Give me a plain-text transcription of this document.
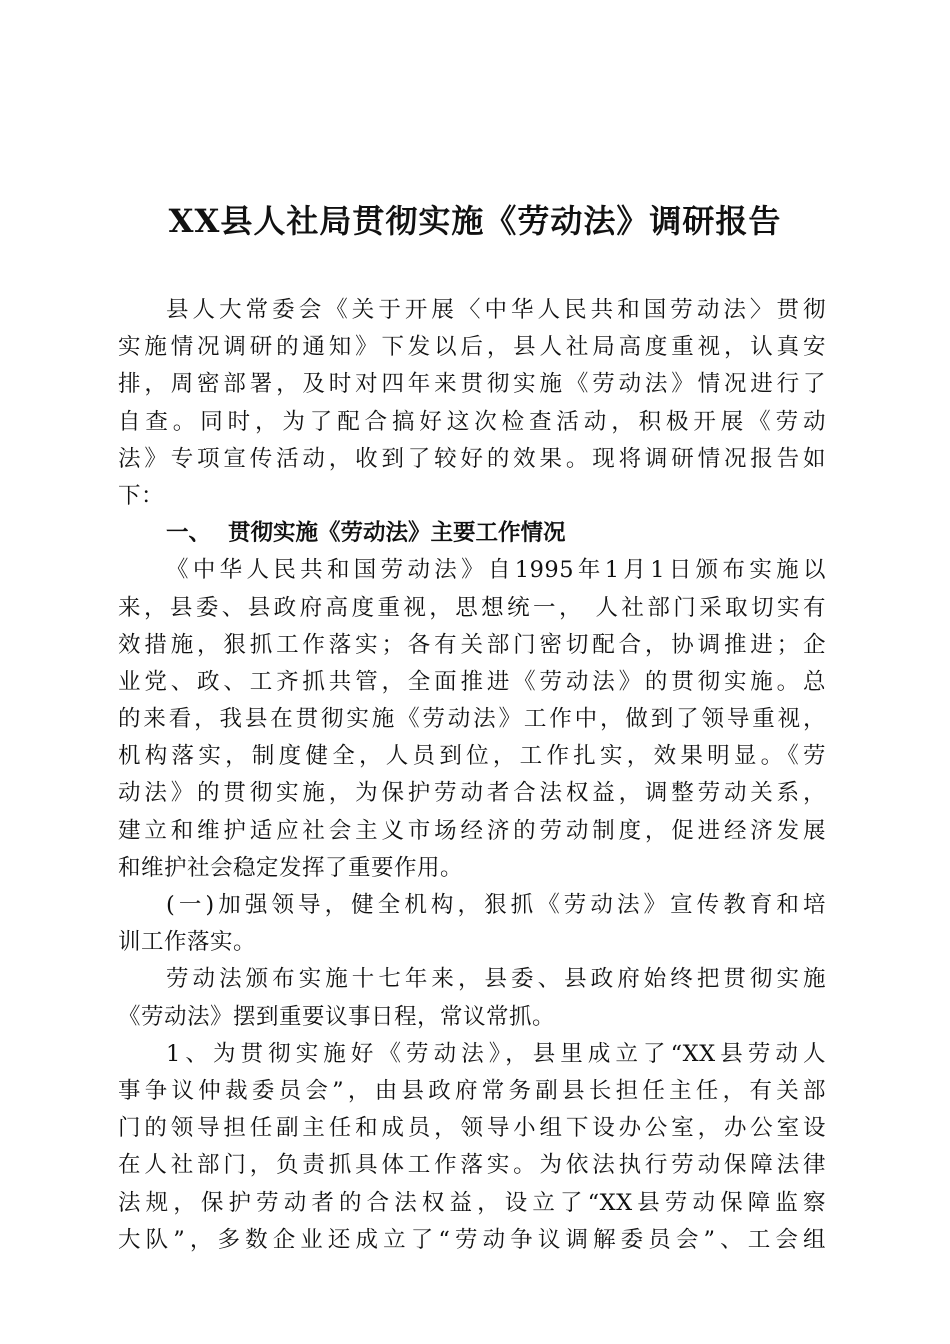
XX县人社局贯彻实施《劳动法》调研报告
县人大常委会《关于开展〈中华人民共和国劳动法〉贯彻
实施情况调研的通知》下发以后，县人社局高度重视，认真安
排，周密部署，及时对四年来贯彻实施《劳动法》情况进行了
自查。同时，为了配合搞好这次检查活动，积极开展《劳动
法》专项宣传活动，收到了较好的效果。现将调研情况报告如
下：
一、 贯彻实施《劳动法》主要工作情况
《中华人民共和国劳动法》自1995年1月1日颁布实施以
来，县委、县政府高度重视，思想统一， 人社部门采取切实有
效措施，狠抓工作落实；各有关部门密切配合，协调推进；企
业党、政、工齐抓共管，全面推进《劳动法》的贯彻实施。总
的来看，我县在贯彻实施《劳动法》工作中，做到了领导重视，
机构落实，制度健全，人员到位，工作扎实，效果明显。《劳
动法》的贯彻实施，为保护劳动者合法权益，调整劳动关系，
建立和维护适应社会主义市场经济的劳动制度，促进经济发展
和维护社会稳定发挥了重要作用。
(一)加强领导，健全机构，狠抓《劳动法》宣传教育和培
训工作落实。
劳动法颁布实施十七年来，县委、县政府始终把贯彻实施
《劳动法》摆到重要议事日程，常议常抓。
1、为贯彻实施好《劳动法》，县里成立了“XX县劳动人
事争议仲裁委员会”，由县政府常务副县长担任主任，有关部
门的领导担任副主任和成员，领导小组下设办公室，办公室设
在人社部门，负责抓具体工作落实。为依法执行劳动保障法律
法规，保护劳动者的合法权益，设立了“XX县劳动保障监察
大队”，多数企业还成立了“劳动争议调解委员会”、工会组
